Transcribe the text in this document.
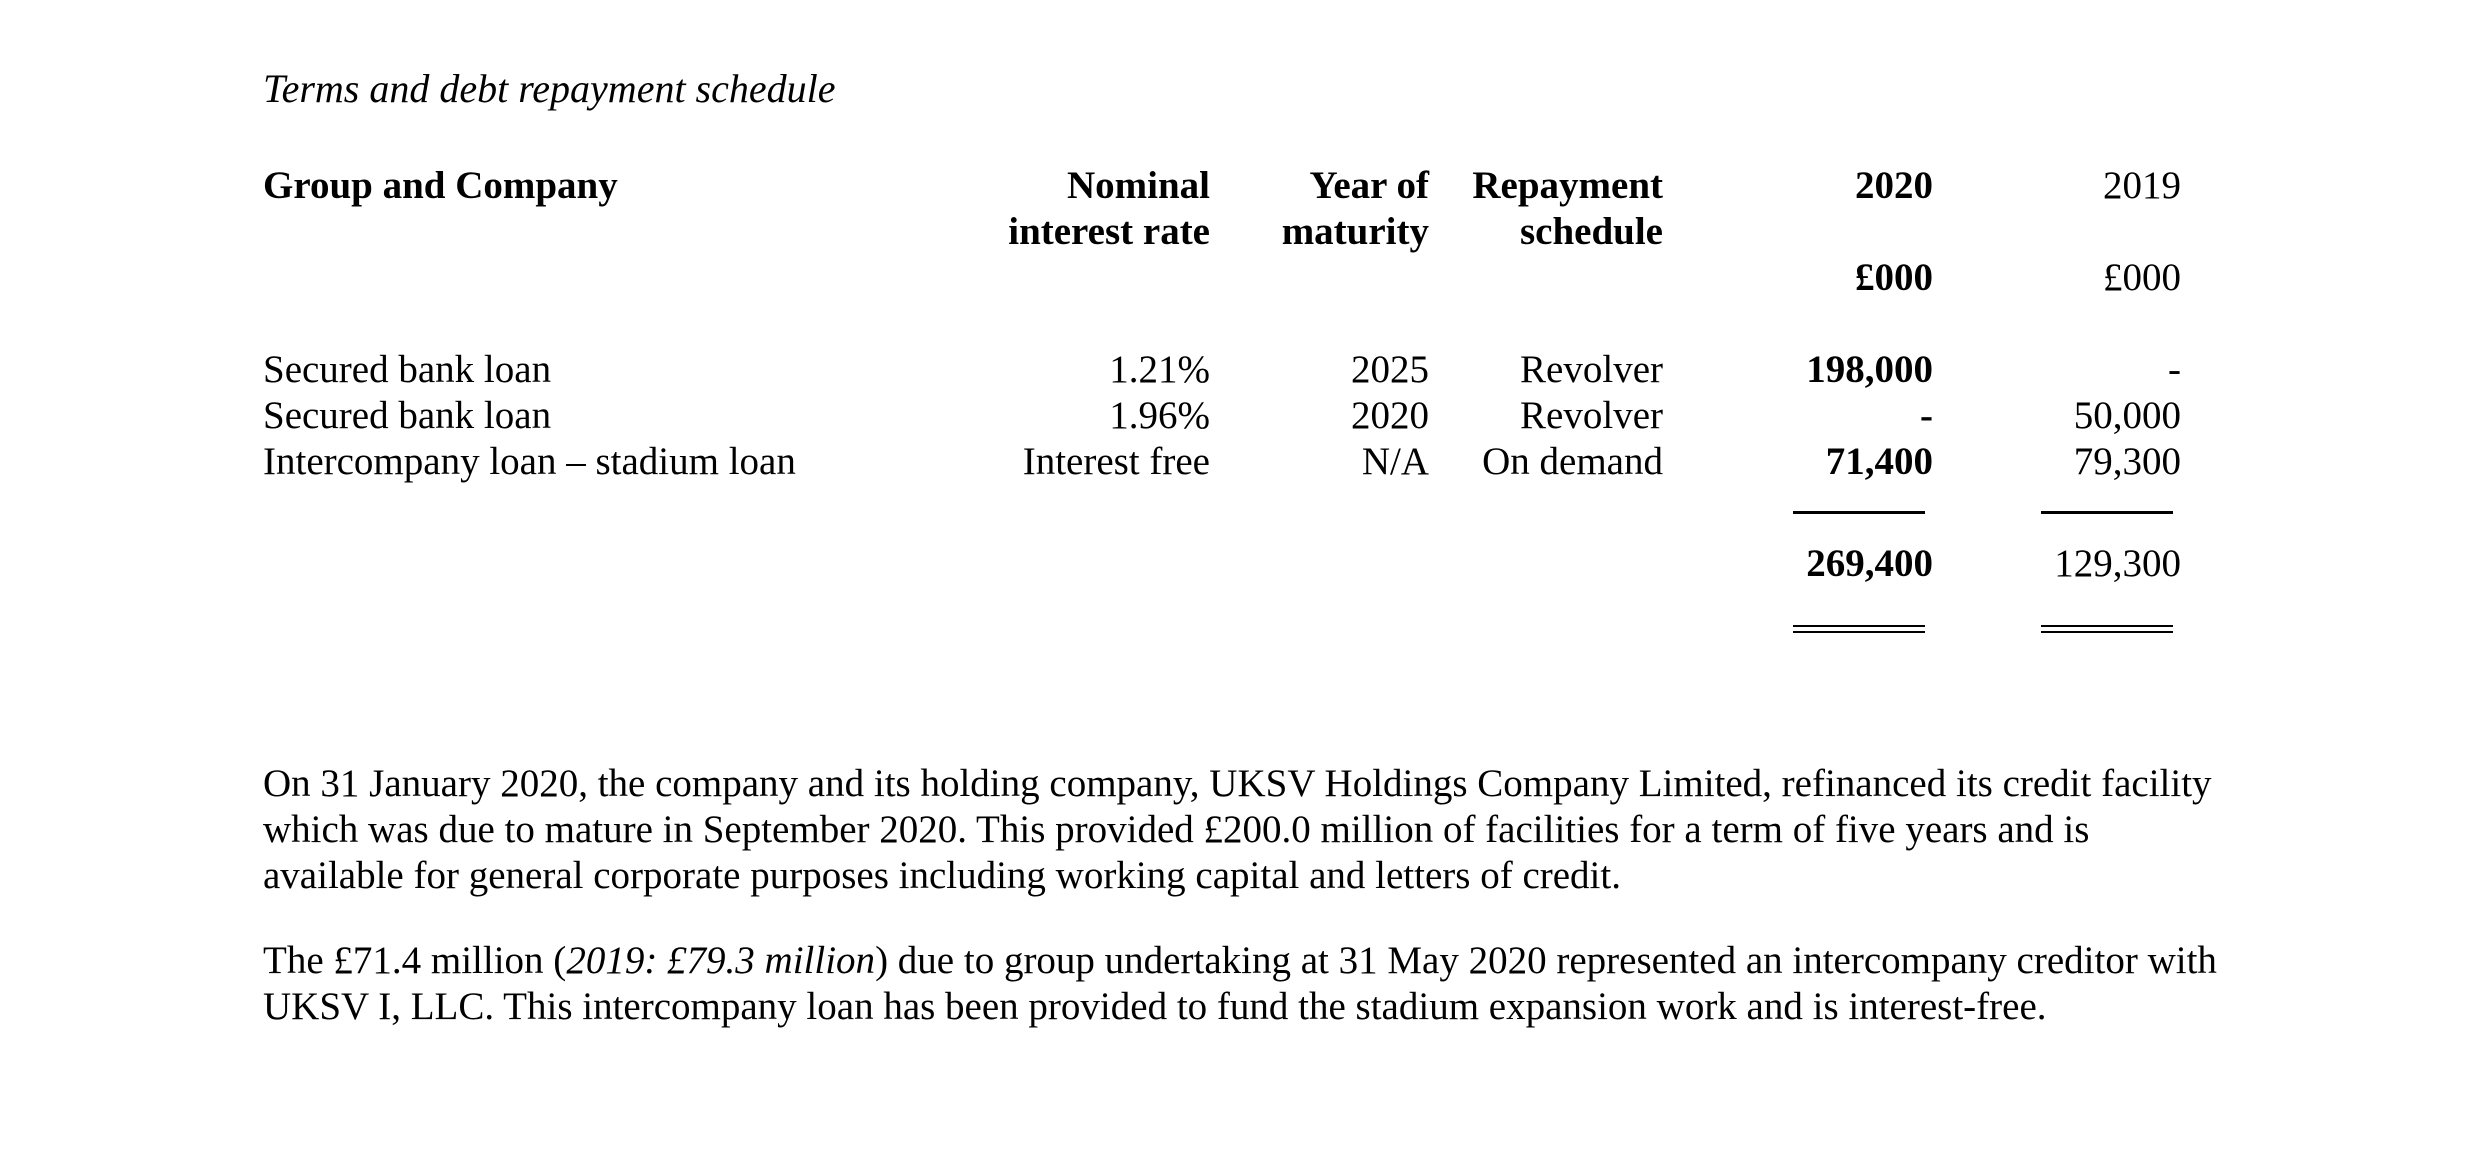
Terms and debt repayment schedule
Group and Company	Nominal	Year of	Repayment	2020	2019
	interest rate	maturity	schedule		
				£000	£000

Secured bank loan	1.21%	2025	Revolver	198,000	-
Secured bank loan	1.96%	2020	Revolver	-	50,000
Intercompany loan – stadium loan	Interest free	N/A	On demand	71,400	79,300

				269,400	129,300

On 31 January 2020, the company and its holding company, UKSV Holdings Company Limited, refinanced its credit facility which was due to mature in September 2020. This provided £200.0 million of facilities for a term of five years and is available for general corporate purposes including working capital and letters of credit.
The £71.4 million (2019: £79.3 million) due to group undertaking at 31 May 2020 represented an intercompany creditor with UKSV I, LLC. This intercompany loan has been provided to fund the stadium expansion work and is interest-free.
